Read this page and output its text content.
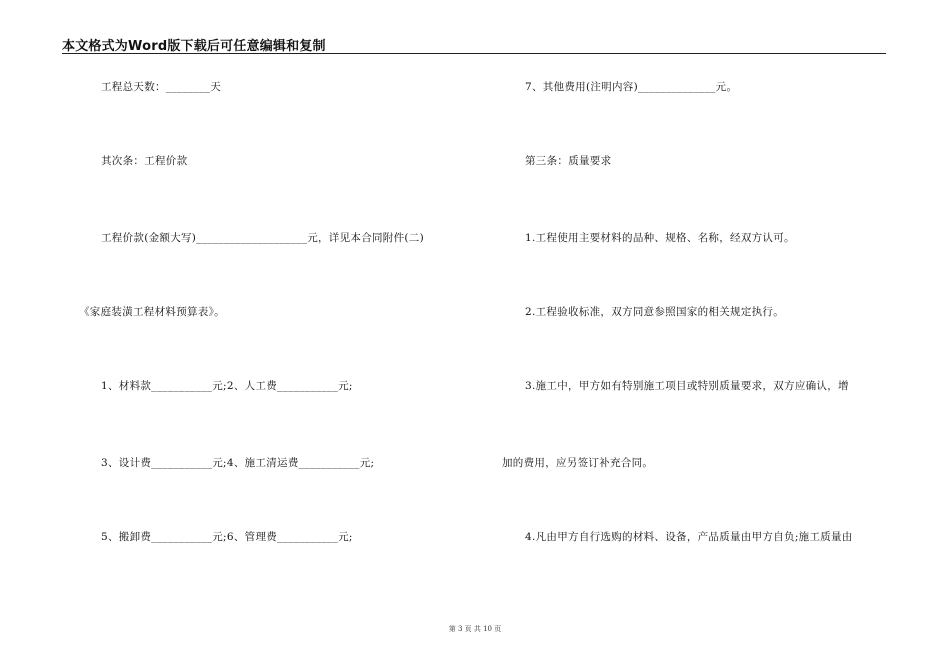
本文格式为Word版下载后可任意编辑和复制
工程总天数：________天
其次条：工程价款
工程价款(金额大写)____________________元，详见本合同附件(二)
《家庭装潢工程材料预算表》。
1、材料款___________元;2、人工费___________元;
3、设计费___________元;4、施工清运费___________元;
5、搬卸费___________元;6、管理费___________元;
7、其他费用(注明内容)______________元。
第三条：质量要求
1.工程使用主要材料的品种、规格、名称，经双方认可。
2.工程验收标准，双方同意参照国家的相关规定执行。
3.施工中，甲方如有特别施工项目或特别质量要求，双方应确认，增
加的费用，应另签订补充合同。
4.凡由甲方自行选购的材料、设备，产品质量由甲方自负;施工质量由
第 3 页 共 10 页
